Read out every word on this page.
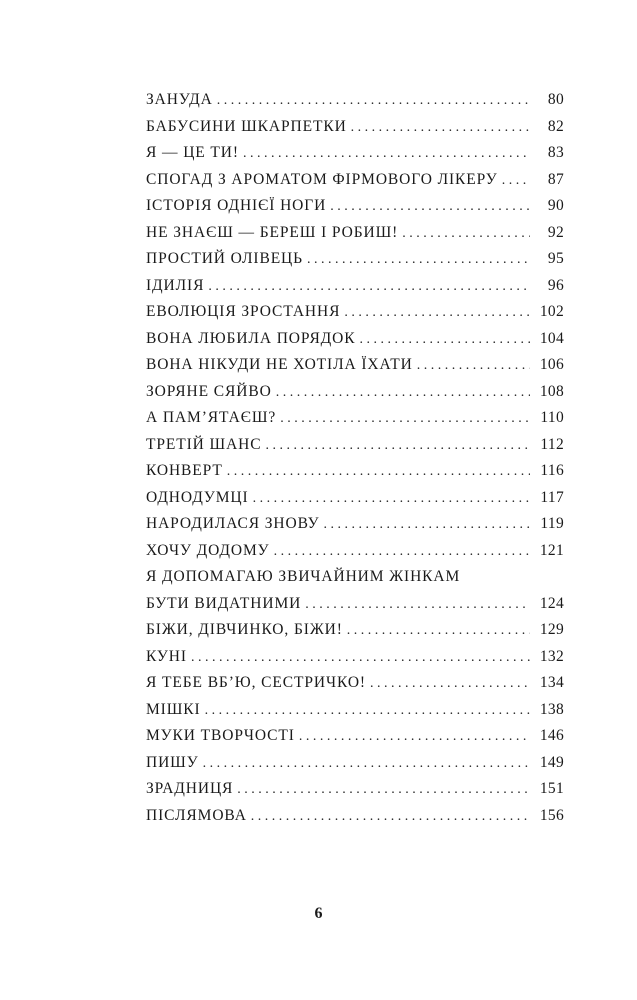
ЗАНУДА . . .	80
БАБУСИНИ ШКАРПЕТКИ . . .	82
Я — ЦЕ ТИ! . . .	83
СПОГАД З АРОМАТОМ ФІРМОВОГО ЛІКЕРУ . . .	87
ІСТОРІЯ ОДНІЄЇ НОГИ . . .	90
НЕ ЗНАЄШ — БЕРЕШ І РОБИШ! . . .	92
ПРОСТИЙ ОЛІВЕЦЬ . . .	95
ІДИЛІЯ . . .	96
ЕВОЛЮЦІЯ ЗРОСТАННЯ . . .	102
ВОНА ЛЮБИЛА ПОРЯДОК . . .	104
ВОНА НІКУДИ НЕ ХОТІЛА ЇХАТИ . . .	106
ЗОРЯНЕ СЯЙВО . . .	108
А ПАМ’ЯТАЄШ? . . .	110
ТРЕТІЙ ШАНС . . .	112
КОНВЕРТ . . .	116
ОДНОДУМЦІ . . .	117
НАРОДИЛАСЯ ЗНОВУ . . .	119
ХОЧУ ДОДОМУ . . .	121
Я ДОПОМАГАЮ ЗВИЧАЙНИМ ЖІНКАМ
БУТИ ВИДАТНИМИ . . .	124
БІЖИ, ДІВЧИНКО, БІЖИ! . . .	129
КУНІ . . .	132
Я ТЕБЕ ВБ’Ю, СЕСТРИЧКО! . . .	134
МІШКІ . . .	138
МУКИ ТВОРЧОСТІ . . .	146
ПИШУ . . .	149
ЗРАДНИЦЯ . . .	151
ПІСЛЯМОВА . . .	156
6
